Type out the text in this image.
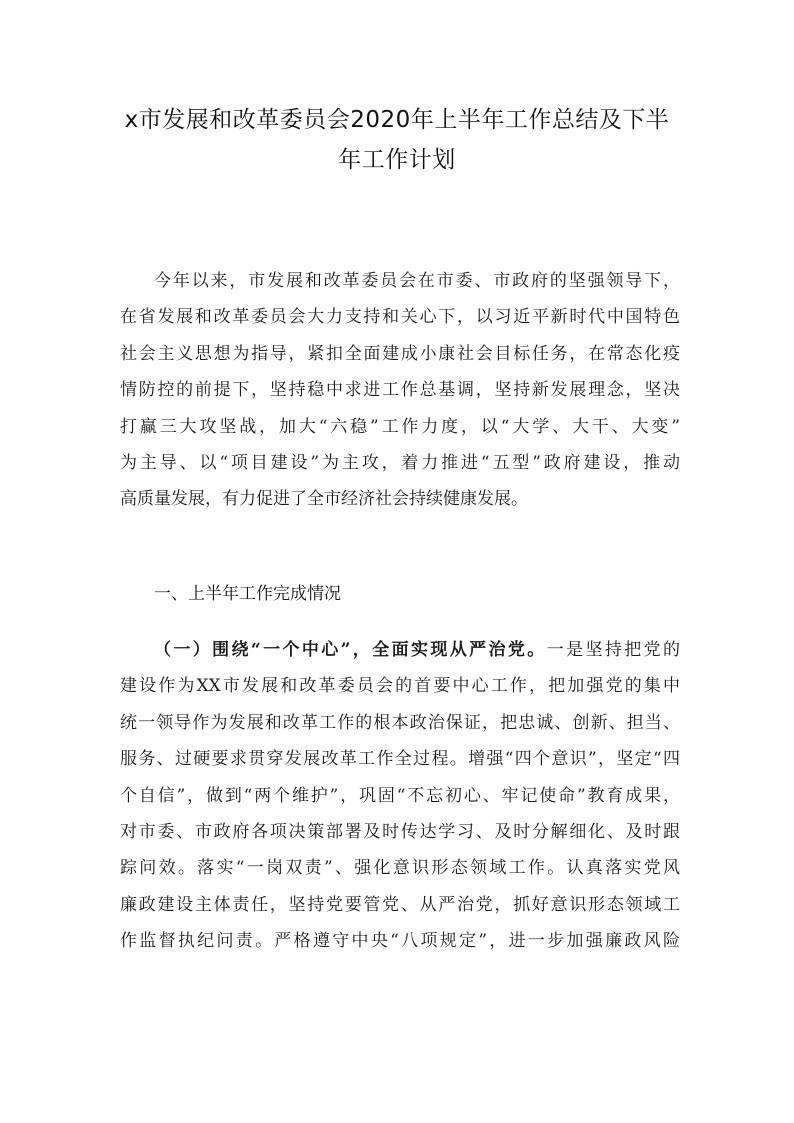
x市发展和改革委员会2020年上半年工作总结及下半
年工作计划
今年以来，市发展和改革委员会在市委、市政府的坚强领导下，
在省发展和改革委员会大力支持和关心下，以习近平新时代中国特色
社会主义思想为指导，紧扣全面建成小康社会目标任务，在常态化疫
情防控的前提下，坚持稳中求进工作总基调，坚持新发展理念，坚决
打赢三大攻坚战，加大“六稳”工作力度，以“大学、大干、大变”
为主导、以“项目建设”为主攻，着力推进“五型”政府建设，推动
高质量发展，有力促进了全市经济社会持续健康发展。
一、上半年工作完成情况
（一）围绕“一个中心”，全面实现从严治党。一是坚持把党的
建设作为XX市发展和改革委员会的首要中心工作，把加强党的集中
统一领导作为发展和改革工作的根本政治保证，把忠诚、创新、担当、
服务、过硬要求贯穿发展改革工作全过程。增强“四个意识”，坚定“四
个自信”，做到“两个维护”，巩固“不忘初心、牢记使命”教育成果，
对市委、市政府各项决策部署及时传达学习、及时分解细化、及时跟
踪问效。落实“一岗双责”、强化意识形态领域工作。认真落实党风
廉政建设主体责任，坚持党要管党、从严治党，抓好意识形态领域工
作监督执纪问责。严格遵守中央“八项规定”，进一步加强廉政风险
